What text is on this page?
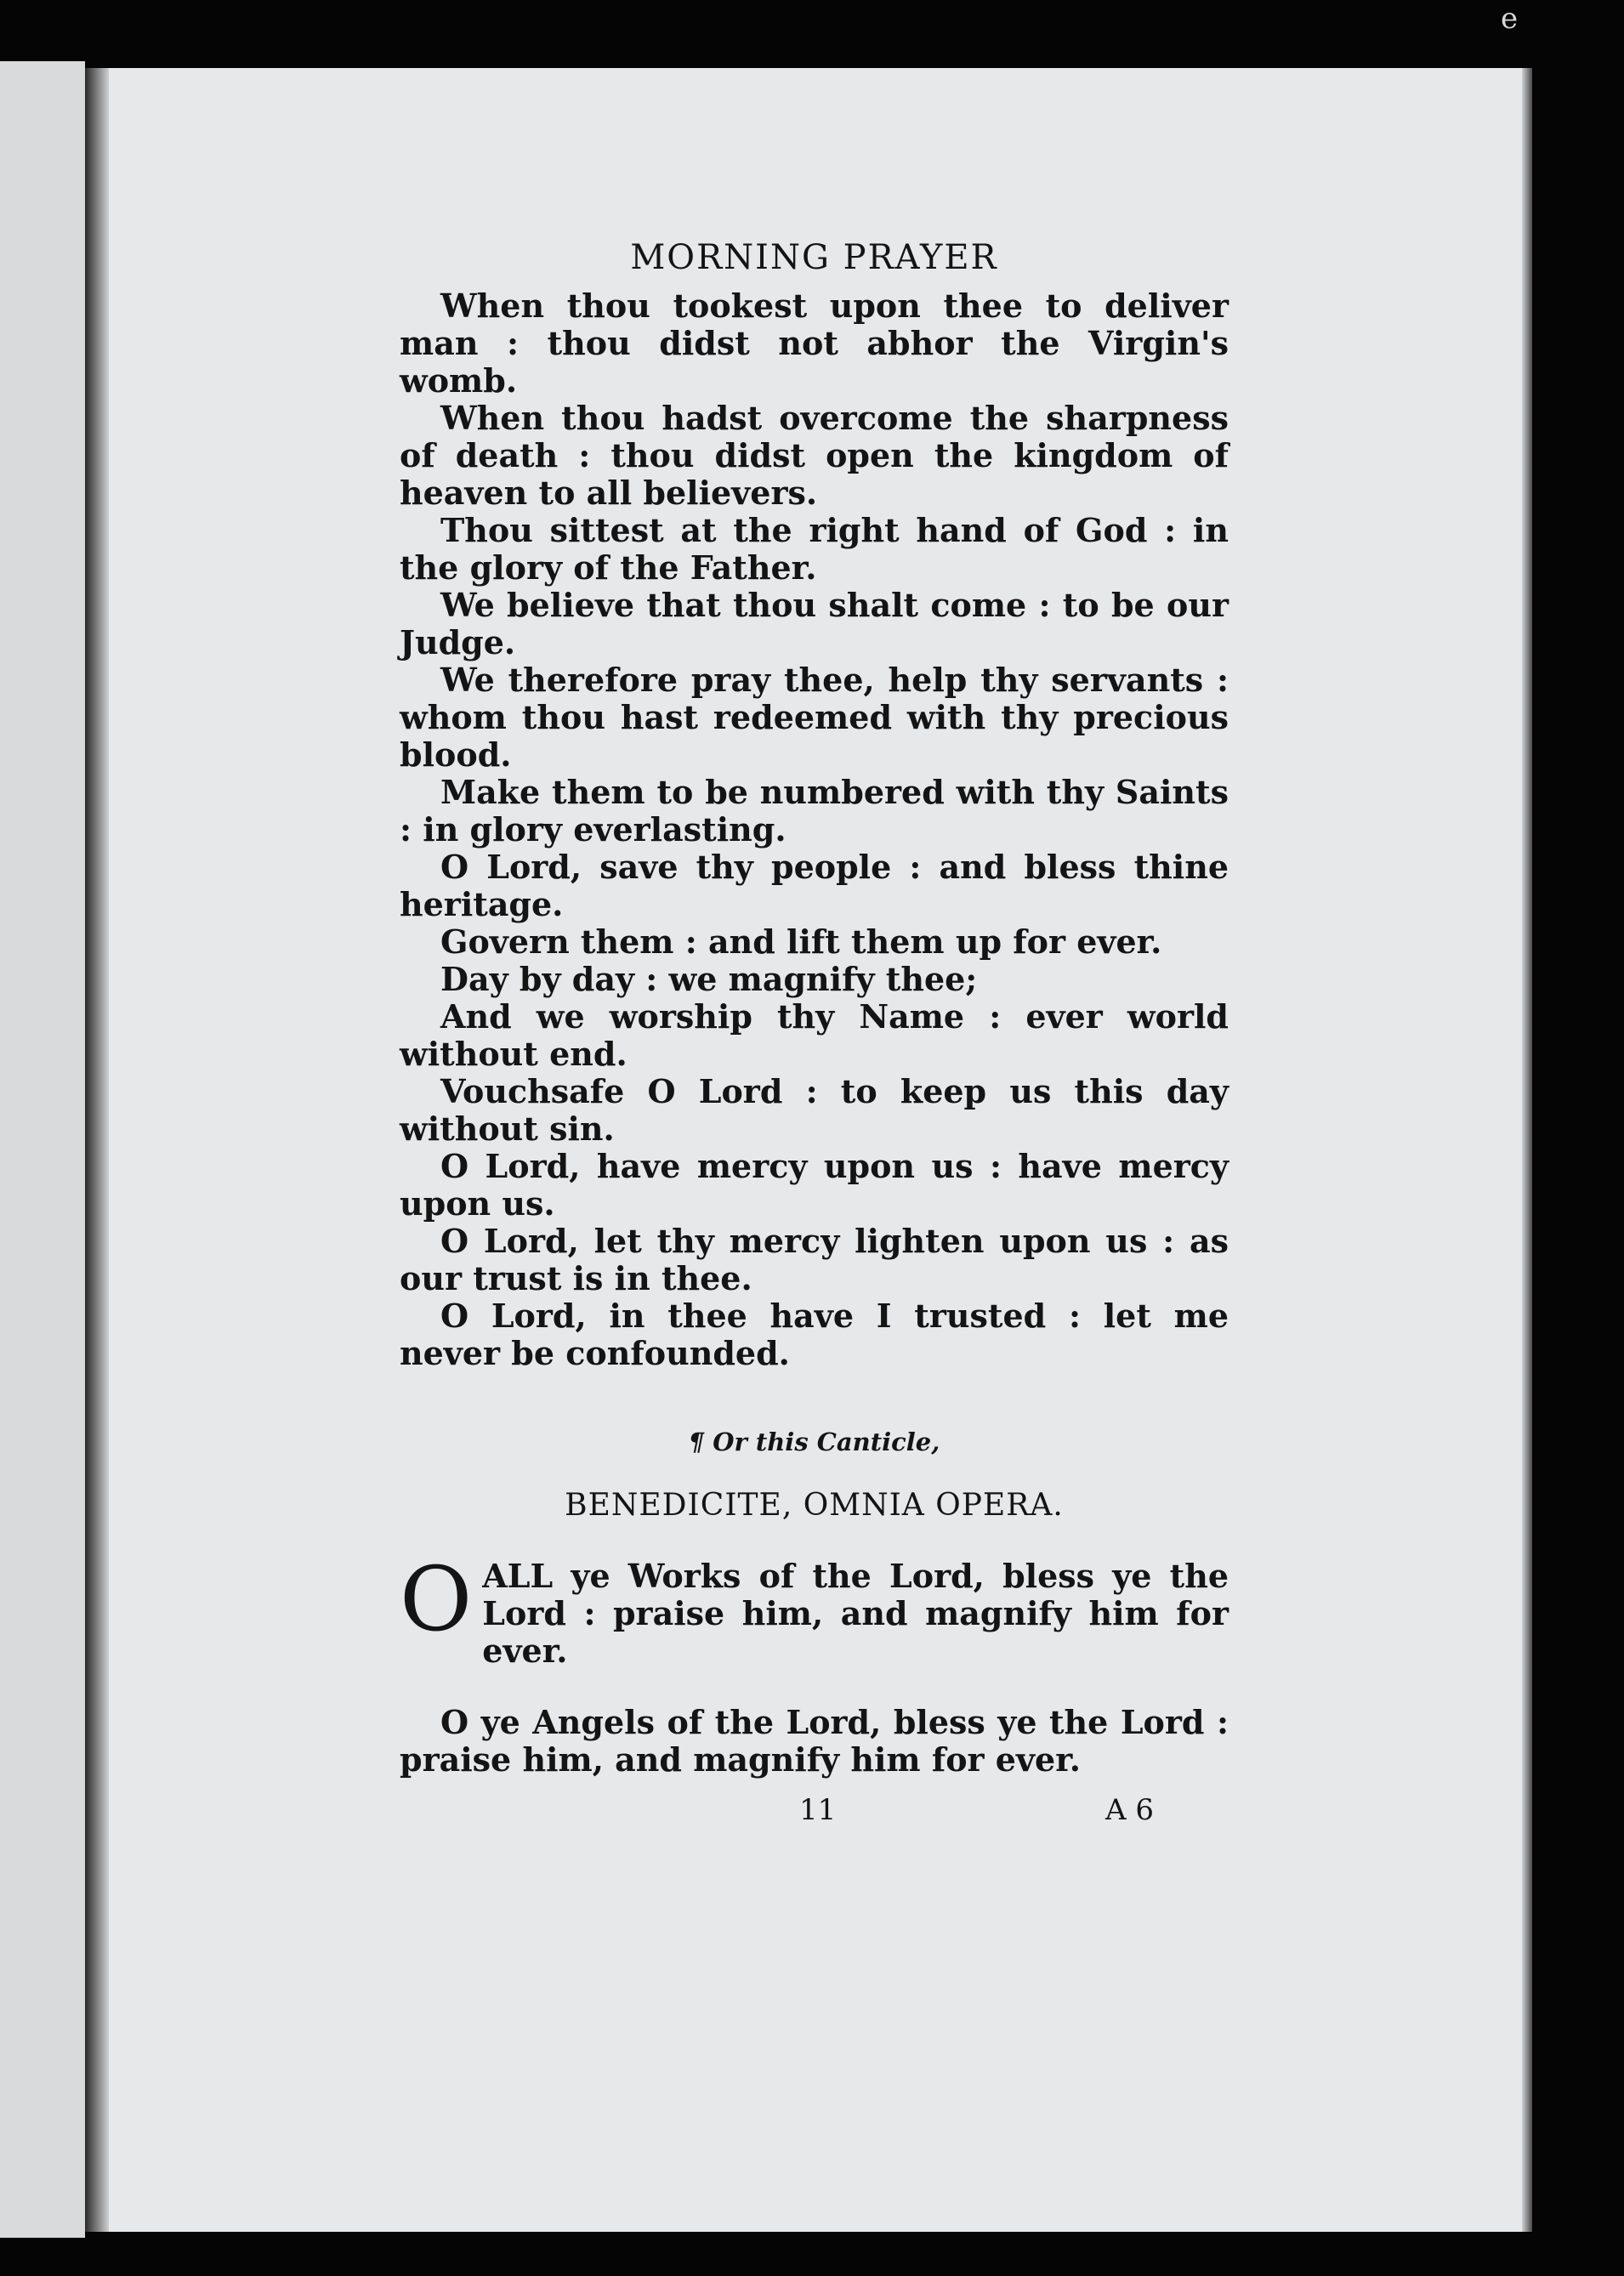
e
MORNING PRAYER

When thou tookest upon thee to deliver man : thou didst not abhor the Virgin's womb.

When thou hadst overcome the sharpness of death : thou didst open the kingdom of heaven to all believers.

Thou sittest at the right hand of God : in the glory of the Father.

We believe that thou shalt come : to be our Judge.

We therefore pray thee, help thy servants : whom thou hast redeemed with thy precious blood.

Make them to be numbered with thy Saints : in glory everlasting.

O Lord, save thy people : and bless thine heritage.

Govern them : and lift them up for ever.

Day by day : we magnify thee;

And we worship thy Name : ever world without end.

Vouchsafe O Lord : to keep us this day without sin.

O Lord, have mercy upon us : have mercy upon us.

O Lord, let thy mercy lighten upon us : as our trust is in thee.

O Lord, in thee have I trusted : let me never be confounded.

¶ Or this Canticle,
BENEDICITE, OMNIA OPERA.

OALL ye Works of the Lord, bless ye the Lord : praise him, and magnify him for ever.

O ye Angels of the Lord, bless ye the Lord : praise him, and magnify him for ever.

11	A 6
